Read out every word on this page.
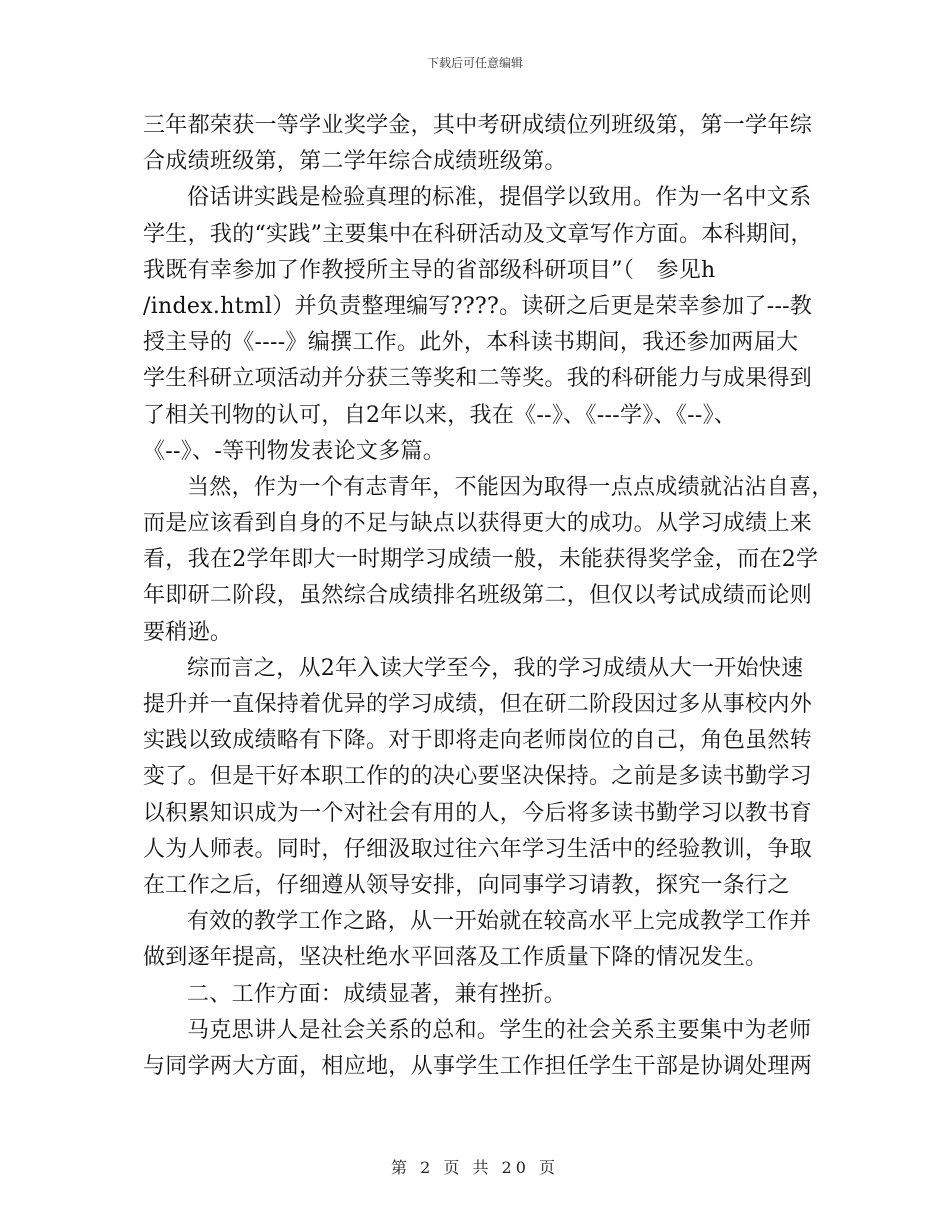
下载后可任意编辑
三年都荣获一等学业奖学金，其中考研成绩位列班级第，第一学年综
合成绩班级第，第二学年综合成绩班级第。
俗话讲实践是检验真理的标准，提倡学以致用。作为一名中文系
学生，我的“实践”主要集中在科研活动及文章写作方面。本科期间，
我既有幸参加了作教授所主导的省部级科研项目”（　参见h
/index.html）并负责整理编写????。读研之后更是荣幸参加了---教
授主导的《----》编撰工作。此外，本科读书期间，我还参加两届大
学生科研立项活动并分获三等奖和二等奖。我的科研能力与成果得到
了相关刊物的认可，自2年以来，我在《--》、《---学》、《--》、
《--》、-等刊物发表论文多篇。
当然，作为一个有志青年，不能因为取得一点点成绩就沾沾自喜，
而是应该看到自身的不足与缺点以获得更大的成功。从学习成绩上来
看，我在2学年即大一时期学习成绩一般，未能获得奖学金，而在2学
年即研二阶段，虽然综合成绩排名班级第二，但仅以考试成绩而论则
要稍逊。
综而言之，从2年入读大学至今，我的学习成绩从大一开始快速
提升并一直保持着优异的学习成绩，但在研二阶段因过多从事校内外
实践以致成绩略有下降。对于即将走向老师岗位的自己，角色虽然转
变了。但是干好本职工作的的决心要坚决保持。之前是多读书勤学习
以积累知识成为一个对社会有用的人，今后将多读书勤学习以教书育
人为人师表。同时，仔细汲取过往六年学习生活中的经验教训，争取
在工作之后，仔细遵从领导安排，向同事学习请教，探究一条行之
有效的教学工作之路，从一开始就在较高水平上完成教学工作并
做到逐年提高，坚决杜绝水平回落及工作质量下降的情况发生。
二、工作方面：成绩显著，兼有挫折。
马克思讲人是社会关系的总和。学生的社会关系主要集中为老师
与同学两大方面，相应地，从事学生工作担任学生干部是协调处理两
第 2 页 共 20 页
